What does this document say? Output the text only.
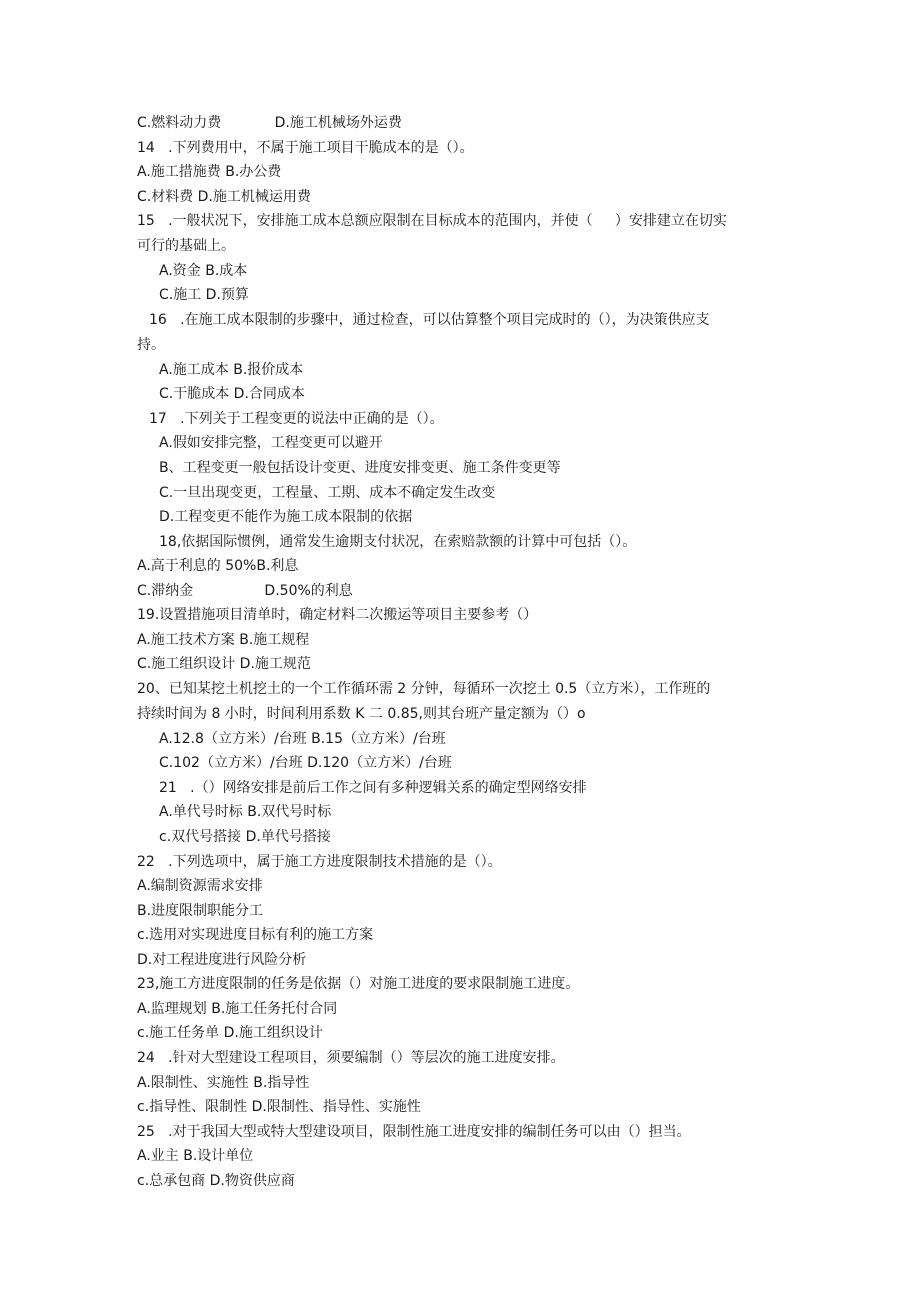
C.燃料动力费            D.施工机械场外运费
14   .下列费用中，不属于施工项目干脆成本的是（）。
A.施工措施费 B.办公费
C.材料费 D.施工机械运用费
15   .一般状况下，安排施工成本总额应限制在目标成本的范围内，并使（     ）安排建立在切实
可行的基础上。
A.资金 B.成本
C.施工 D.预算
16   .在施工成本限制的步骤中，通过检查，可以估算整个项目完成时的（），为决策供应支
持。
A.施工成本 B.报价成本
C.干脆成本 D.合同成本
17   .下列关于工程变更的说法中正确的是（）。
A.假如安排完整，工程变更可以避开
B、工程变更一般包括设计变更、进度安排变更、施工条件变更等
C.一旦出现变更，工程量、工期、成本不确定发生改变
D.工程变更不能作为施工成本限制的依据
18,依据国际惯例，通常发生逾期支付状况，在索赔款额的计算中可包括（）。
A.高于利息的 50%B.利息
C.滞纳金                D.50%的利息
19.设置措施项目清单时，确定材料二次搬运等项目主要参考（）
A.施工技术方案 B.施工规程
C.施工组织设计 D.施工规范
20、已知某挖土机挖土的一个工作循环需 2 分钟，每循环一次挖土 0.5（立方米），工作班的
持续时间为 8 小时，时间利用系数 K 二 0.85,则其台班产量定额为（）o
A.12.8（立方米）/台班 B.15（立方米）/台班
C.102（立方米）/台班 D.120（立方米）/台班
21   .（）网络安排是前后工作之间有多种逻辑关系的确定型网络安排
A.单代号时标 B.双代号时标
c.双代号搭接 D.单代号搭接
22   .下列选项中，属于施工方进度限制技术措施的是（）。
A.编制资源需求安排
B.进度限制职能分工
c.选用对实现进度目标有利的施工方案
D.对工程进度进行风险分析
23,施工方进度限制的任务是依据（）对施工进度的要求限制施工进度。
A.监理规划 B.施工任务托付合同
c.施工任务单 D.施工组织设计
24   .针对大型建设工程项目，须要编制（）等层次的施工进度安排。
A.限制性、实施性 B.指导性
c.指导性、限制性 D.限制性、指导性、实施性
25   .对于我国大型或特大型建设项目，限制性施工进度安排的编制任务可以由（）担当。
A.业主 B.设计单位
c.总承包商 D.物资供应商
